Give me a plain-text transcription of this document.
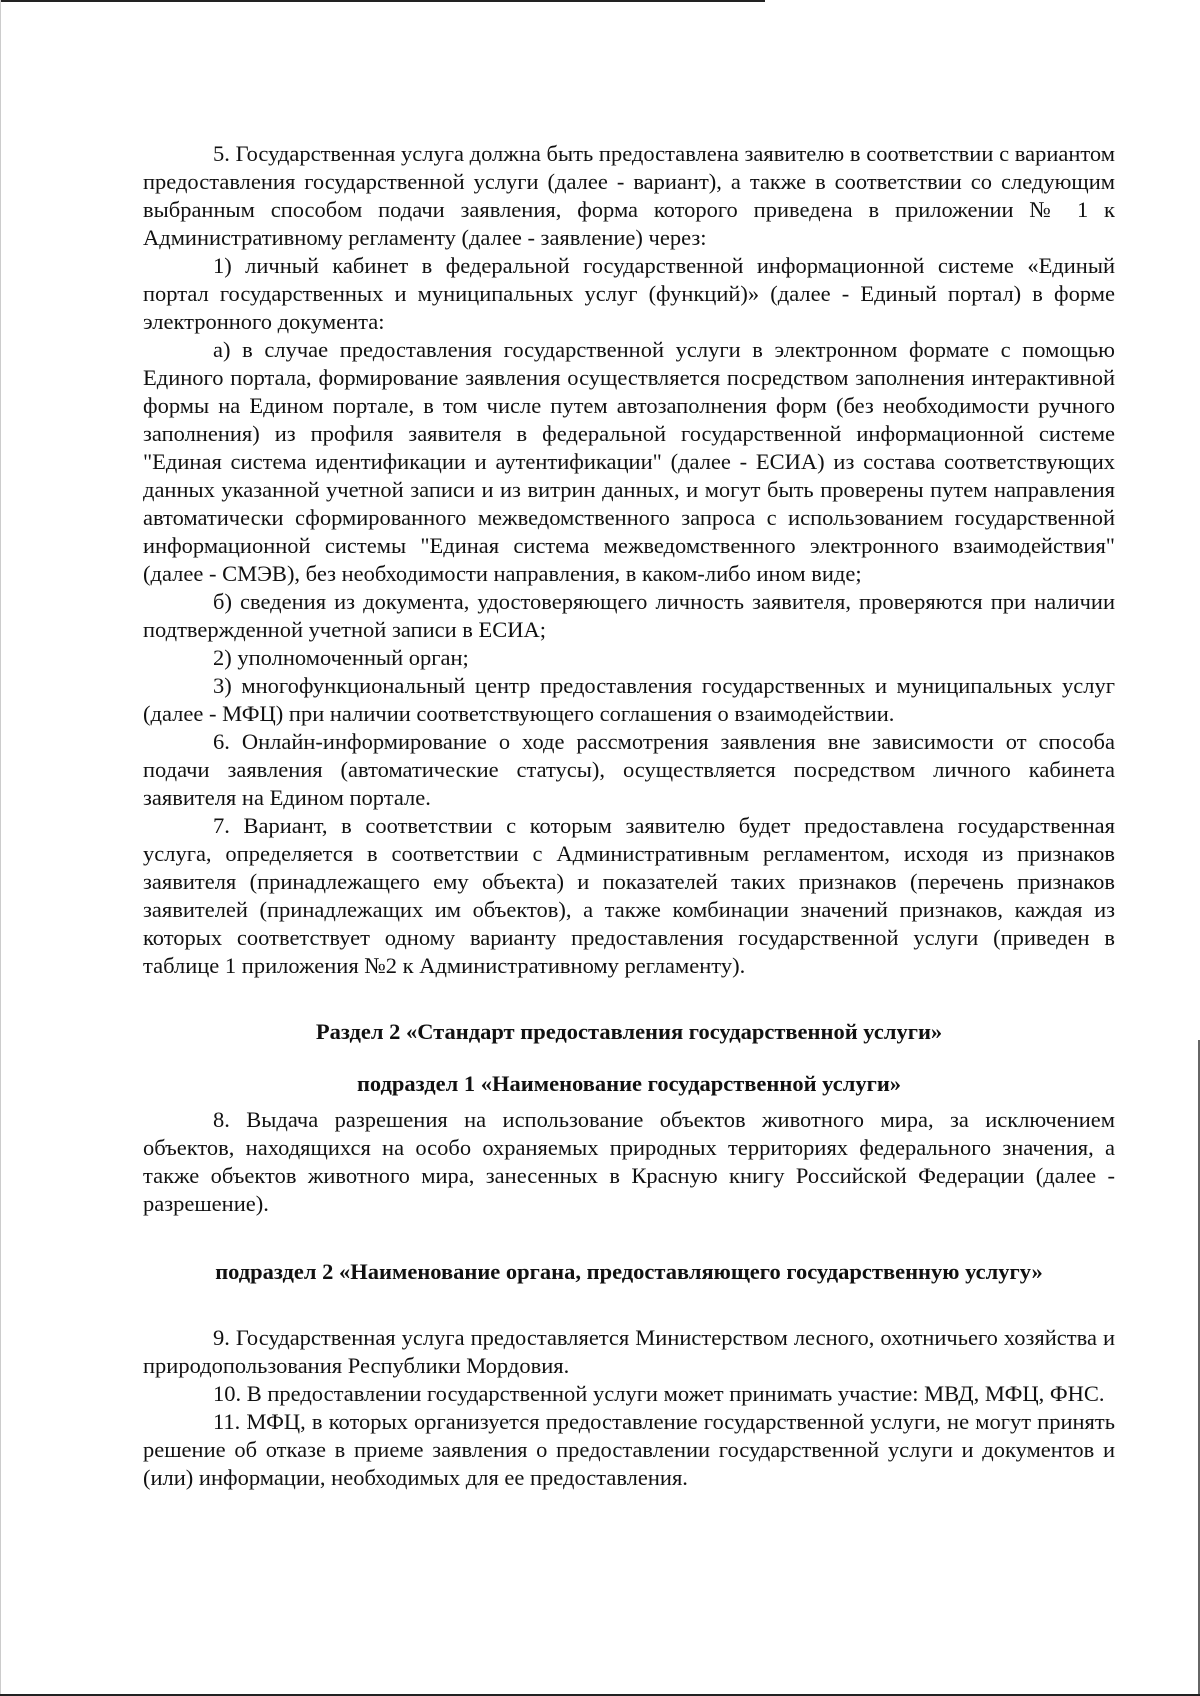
5. Государственная услуга должна быть предоставлена заявителю в соответствии с вариантом предоставления государственной услуги (далее - вариант), а также в соответствии со следующим выбранным способом подачи заявления, форма которого приведена в приложении № 1 к Административному регламенту (далее - заявление) через:

1) личный кабинет в федеральной государственной информационной системе «Единый портал государственных и муниципальных услуг (функций)» (далее - Единый портал) в форме электронного документа:

а) в случае предоставления государственной услуги в электронном формате с помощью Единого портала, формирование заявления осуществляется посредством заполнения интерактивной формы на Едином портале, в том числе путем автозаполнения форм (без необходимости ручного заполнения) из профиля заявителя в федеральной государственной информационной системе "Единая система идентификации и аутентификации" (далее - ЕСИА) из состава соответствующих данных указанной учетной записи и из витрин данных, и могут быть проверены путем направления автоматически сформированного межведомственного запроса с использованием государственной информационной системы "Единая система межведомственного электронного взаимодействия" (далее - СМЭВ), без необходимости направления, в каком-либо ином виде;

б) сведения из документа, удостоверяющего личность заявителя, проверяются при наличии подтвержденной учетной записи в ЕСИА;

2) уполномоченный орган;

3) многофункциональный центр предоставления государственных и муниципальных услуг (далее - МФЦ) при наличии соответствующего соглашения о взаимодействии.

6. Онлайн-информирование о ходе рассмотрения заявления вне зависимости от способа подачи заявления (автоматические статусы), осуществляется посредством личного кабинета заявителя на Едином портале.

7. Вариант, в соответствии с которым заявителю будет предоставлена государственная услуга, определяется в соответствии с Административным регламентом, исходя из признаков заявителя (принадлежащего ему объекта) и показателей таких признаков (перечень признаков заявителей (принадлежащих им объектов), а также комбинации значений признаков, каждая из которых соответствует одному варианту предоставления государственной услуги (приведен в таблице 1 приложения №2 к Административному регламенту).

Раздел 2 «Стандарт предоставления государственной услуги»
подраздел 1 «Наименование государственной услуги»

8. Выдача разрешения на использование объектов животного мира, за исключением объектов, находящихся на особо охраняемых природных территориях федерального значения, а также объектов животного мира, занесенных в Красную книгу Российской Федерации (далее - разрешение).

подраздел 2 «Наименование органа, предоставляющего государственную услугу»

9. Государственная услуга предоставляется Министерством лесного, охотничьего хозяйства и природопользования Республики Мордовия.

10. В предоставлении государственной услуги может принимать участие: МВД, МФЦ, ФНС.

11. МФЦ, в которых организуется предоставление государственной услуги, не могут принять решение об отказе в приеме заявления о предоставлении государственной услуги и документов и (или) информации, необходимых для ее предоставления.
